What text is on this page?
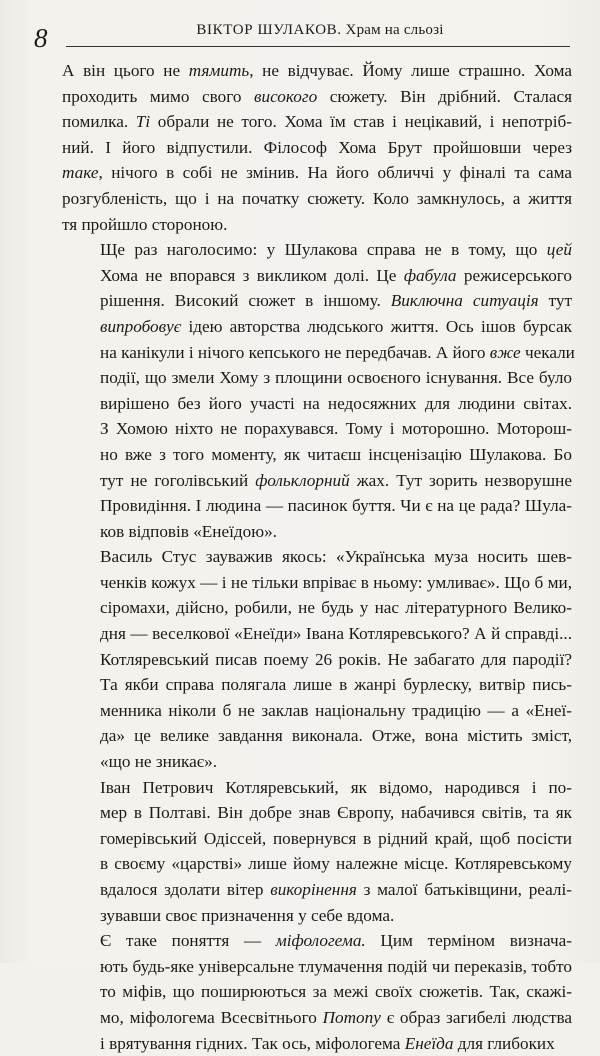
8	ВІКТОР ШУЛАКОВ. Храм на сльозі
А він цього не тямить, не відчуває. Йому лише страшно. Хома
проходить мимо свого високого сюжету. Він дрібний. Сталася
помилка. Ті обрали не того. Хома їм став і нецікавий, і непотріб-
ний. І його відпустили. Філософ Хома Брут пройшовши через
таке, нічого в собі не змінив. На його обличчі у фіналі та сама
розгубленість, що і на початку сюжету. Коло замкнулось, а життя
тя пройшло стороною.
Ще раз наголосимо: у Шулакова справа не в тому, що цей
Хома не впорався з викликом долі. Це фабула режисерського
рішення. Високий сюжет в іншому. Виключна ситуація тут
випробовує ідею авторства людського життя. Ось ішов бурсак
на канікули і нічого кепського не передбачав. А його вже чекали
події, що змели Хому з площини освоєного існування. Все було
вирішено без його участі на недосяжних для людини світах.
З Хомою ніхто не порахувався. Тому і моторошно. Моторош-
но вже з того моменту, як читаєш інсценізацію Шулакова. Бо
тут не гоголівський фольклорний жах. Тут зорить незворушне
Провидіння. І людина — пасинок буття. Чи є на це рада? Шула-
ков відповів «Енеїдою».
Василь Стус зауважив якось: «Українська муза носить шев-
ченків кожух — і не тільки впріває в ньому: умливає». Що б ми,
сіромахи, дійсно, робили, не будь у нас літературного Велико-
дня — веселкової «Енеїди» Івана Котляревського? А й справді...
Котляревський писав поему 26 років. Не забагато для пародії?
Та якби справа полягала лише в жанрі бурлеску, витвір пись-
менника ніколи б не заклав національну традицію — а «Енеї-
да» це велике завдання виконала. Отже, вона містить зміст,
«що не зникає».
Іван Петрович Котляревський, як відомо, народився і по-
мер в Полтаві. Він добре знав Європу, набачився світів, та як
гомерівський Одіссей, повернувся в рідний край, щоб посісти
в своєму «царстві» лише йому належне місце. Котляревському
вдалося здолати вітер викорінення з малої батьківщини, реалі-
зувавши своє призначення у себе вдома.
Є таке поняття — міфологема. Цим терміном визнача-
ють будь-яке універсальне тлумачення подій чи переказів, тобто
то міфів, що поширюються за межі своїх сюжетів. Так, скажі-
мо, міфологема Всесвітнього Потопу є образ загибелі людства
і врятування гідних. Так ось, міфологема Енеїда для глибоких
